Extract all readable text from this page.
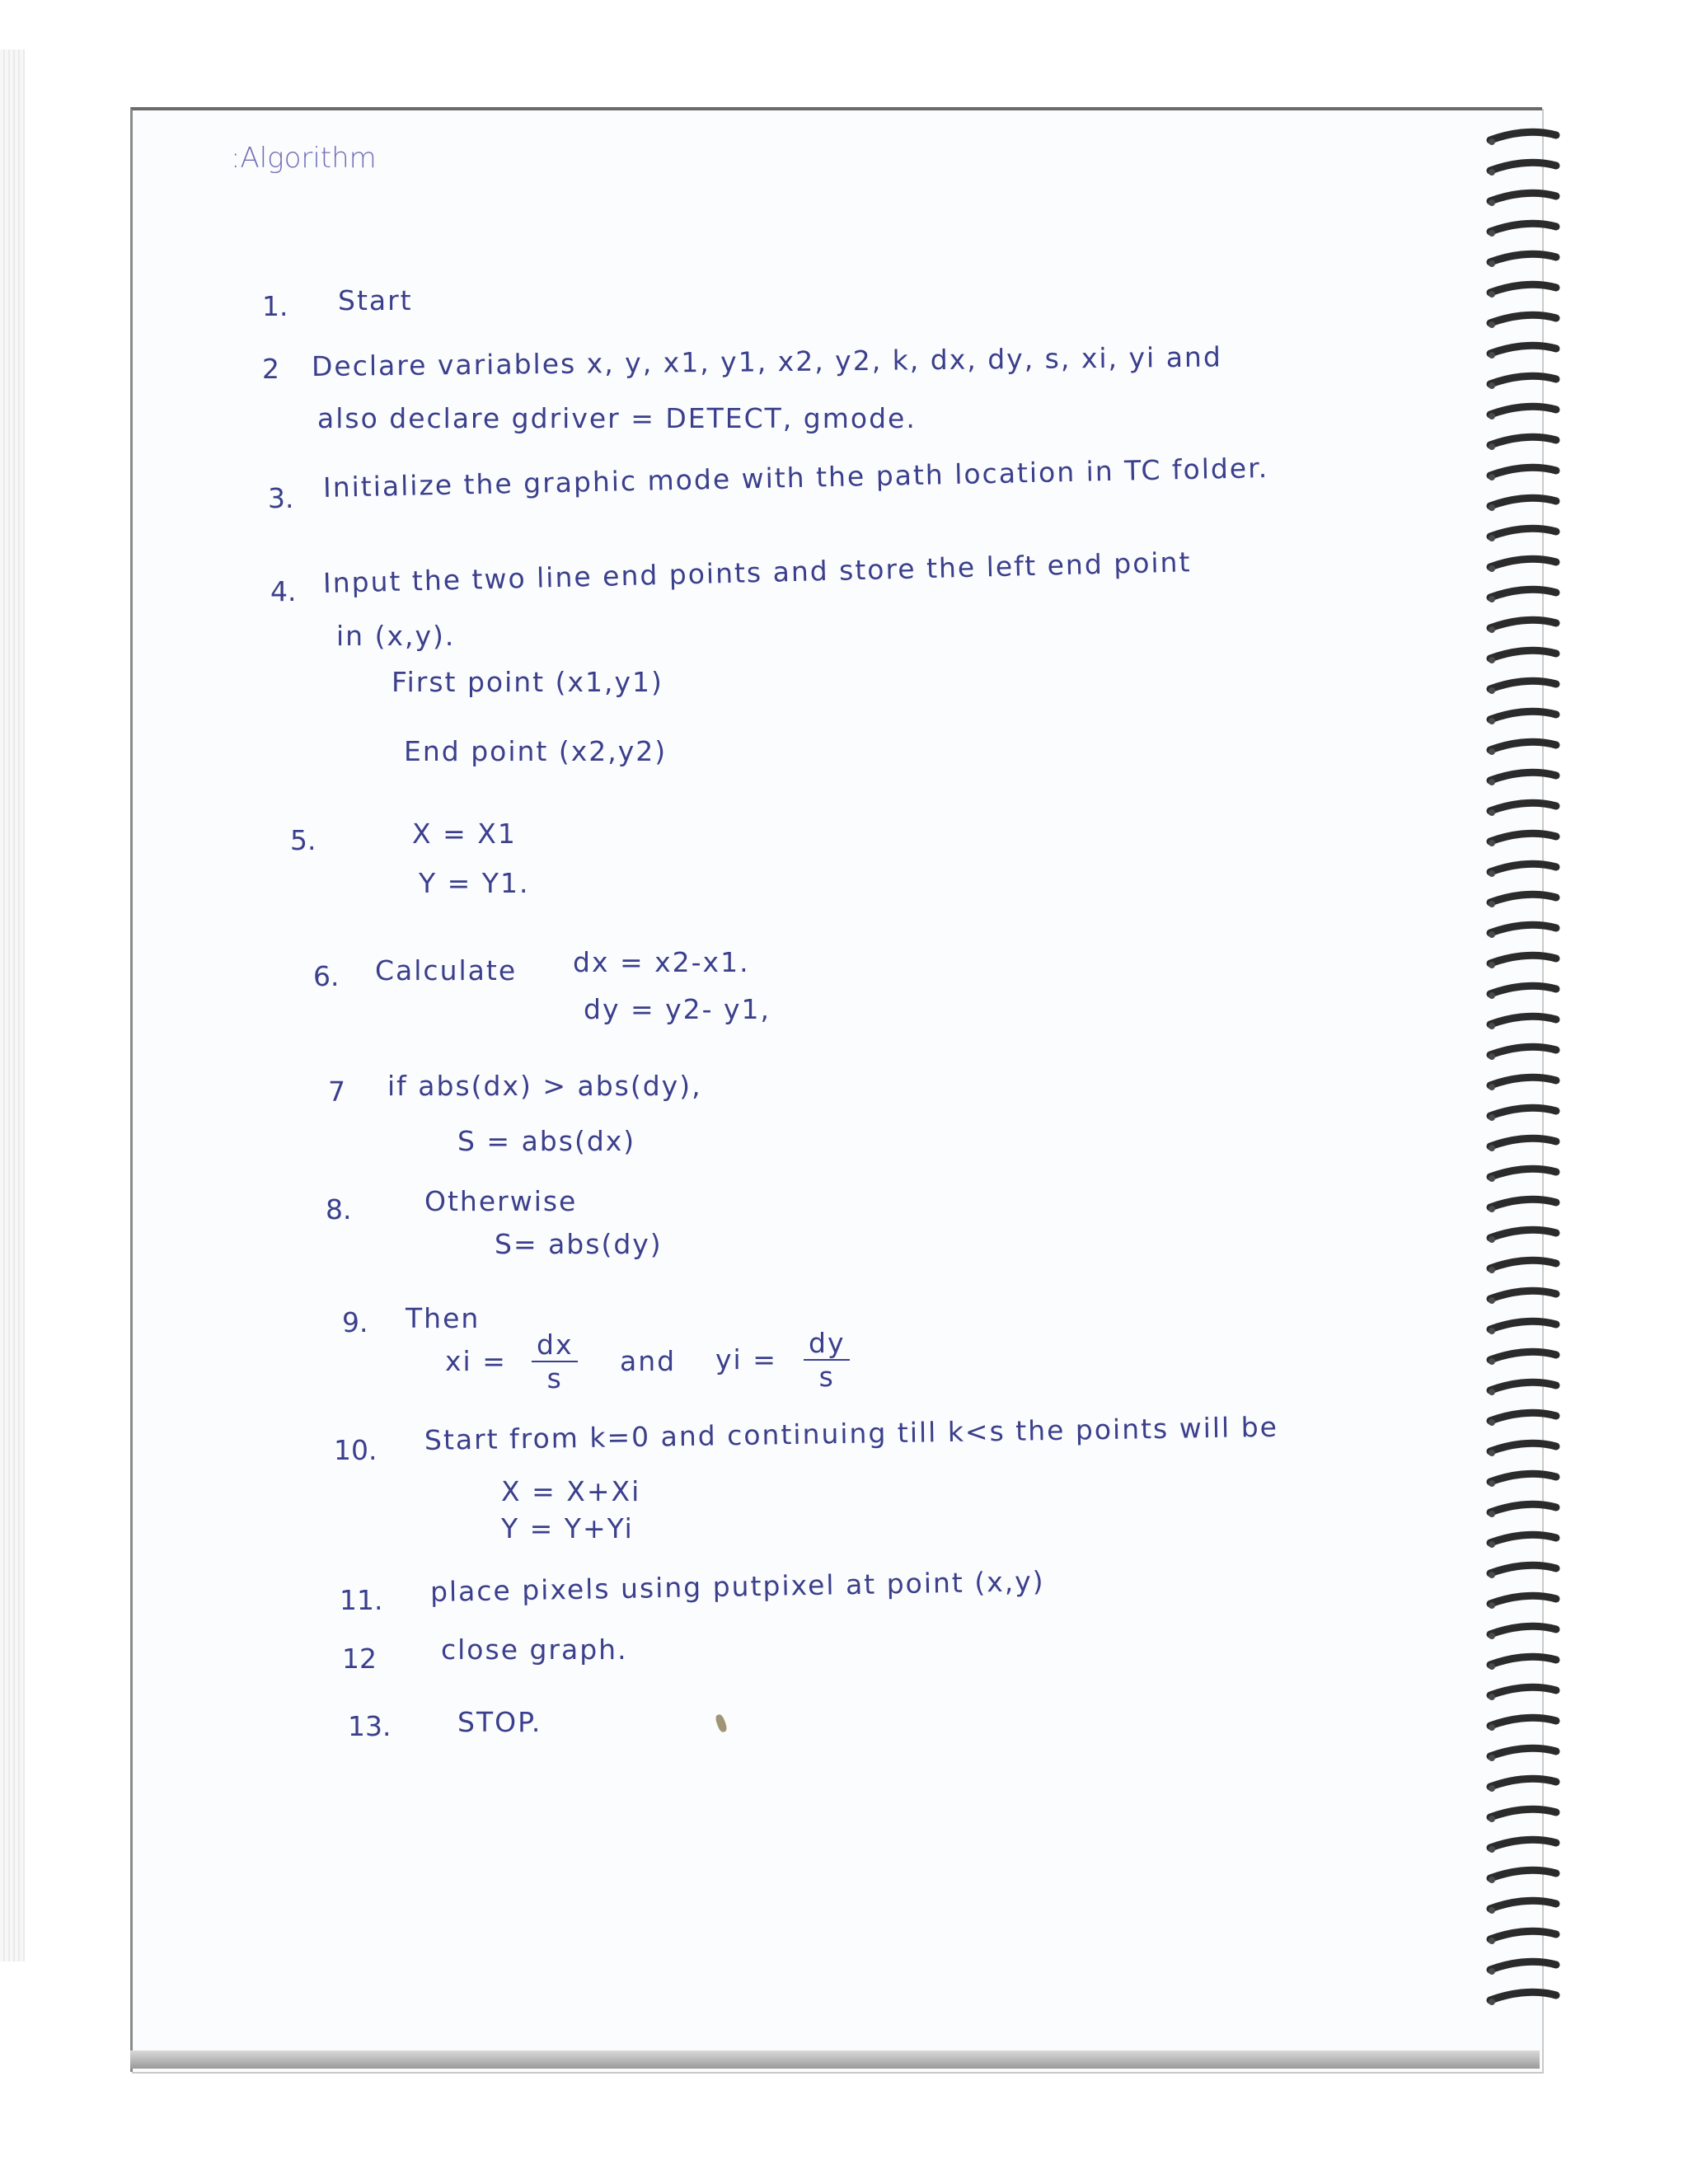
:Algorithm
1. Start
2 Declare variables x, y, x1, y1, x2, y2, k, dx, dy, s, xi, yi and
also declare gdriver = DETECT, gmode.
3. Initialize the graphic mode with the path location in TC folder.
4. Input the two line end points and store the left end point
in (x,y).
First point (x1,y1)
End point (x2,y2)
5.	X = X1
Y = Y1.
6. Calculate dx = x2-x1.
dy = y2- y1,
7 if abs(dx) > abs(dy),
S = abs(dx)
8.	Otherwise
S= abs(dy)
9. Then
xi = $\frac{dx}{s}$ and yi = $\frac{dy}{s}$
10. Start from k=0 and continuing till k<s the points will be
X = X+Xi
Y = Y+Yi
11. place pixels using putpixel at point (x,y)
12 close graph.
13. STOP.
